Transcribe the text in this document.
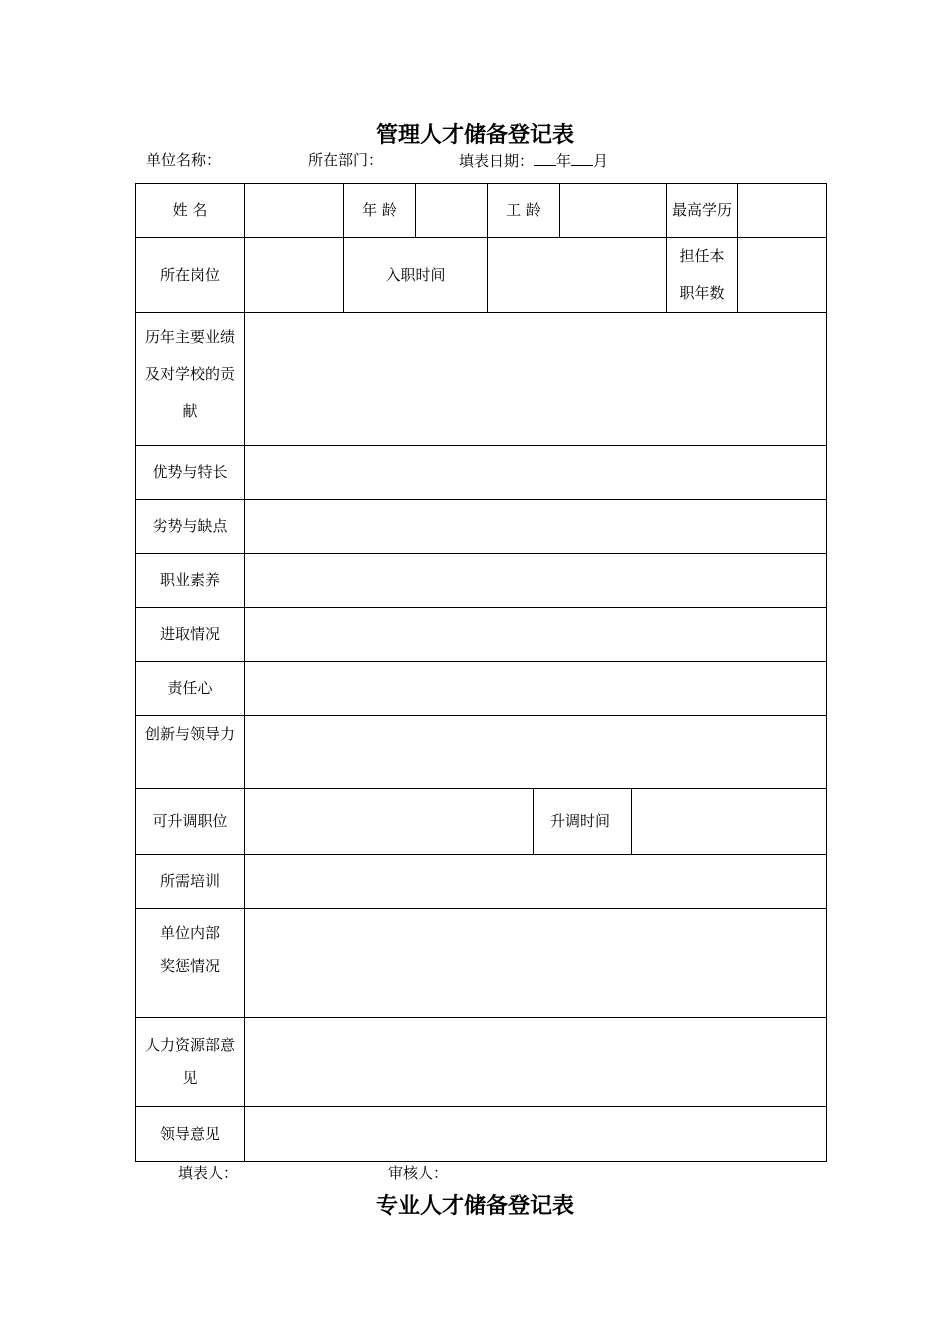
管理人才储备登记表
单位名称：	所在部门：	填表日期： 年 月
姓 名		年 龄		工 龄				最高学历	
所在岗位		入职时间						担任本职年数	

历年主要业绩及对学校的贡献									

优势与特长									
劣势与缺点									
职业素养									
进取情况									
责任心									

创新与领导力									

可升调职位					升调时间				

所需培训									

单位内部奖惩情况									

人力资源部意见									

领导意见									
填表人：	审核人：
专业人才储备登记表
